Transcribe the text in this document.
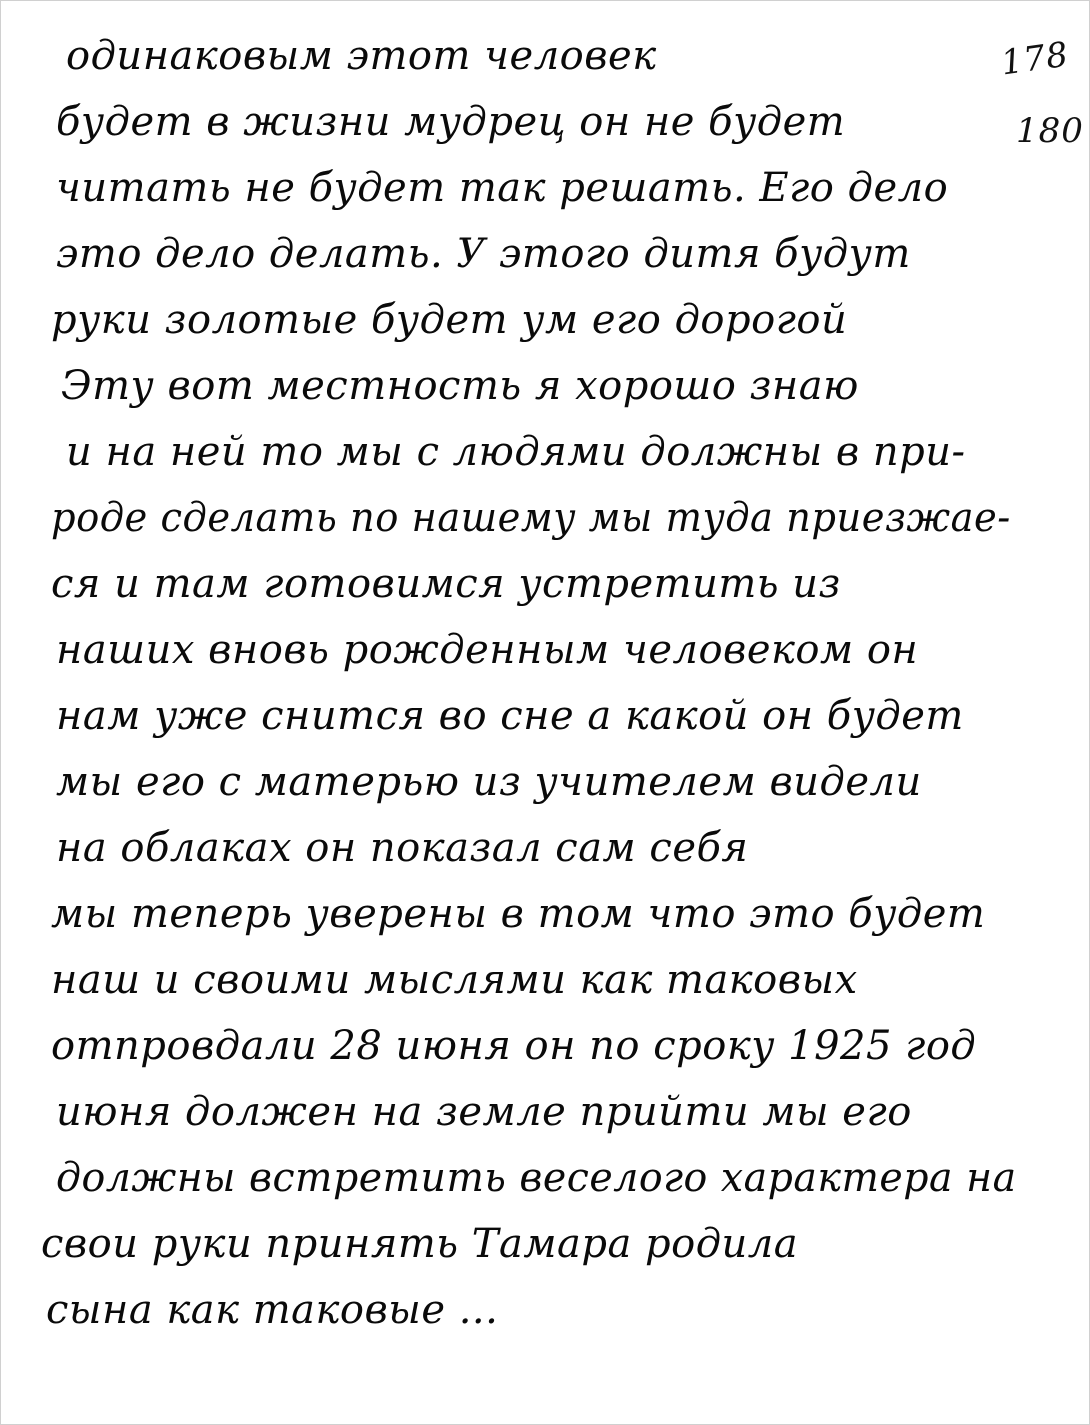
178
180
одинаковым этот человек
будет в жизни мудрец он не будет
читать не будет так решать. Его дело
это дело делать. У этого дитя будут
руки золотые будет ум его дорогой
Эту вот местность я хорошо знаю
и на ней то мы с людями должны в при-
роде сделать по нашему мы туда приезжае-
ся и там готовимся устретить из
наших вновь рожденным человеком он
нам уже снится во сне а какой он будет
мы его с матерью из учителем видели
на облаках он показал сам себя
мы теперь уверены в том что это будет
наш и своими мыслями как таковых
отпровдали 28 июня он по сроку 1925 год
июня должен на земле прийти мы его
должны встретить веселого характера на
свои руки принять Тамара родила
сына как таковые ...
